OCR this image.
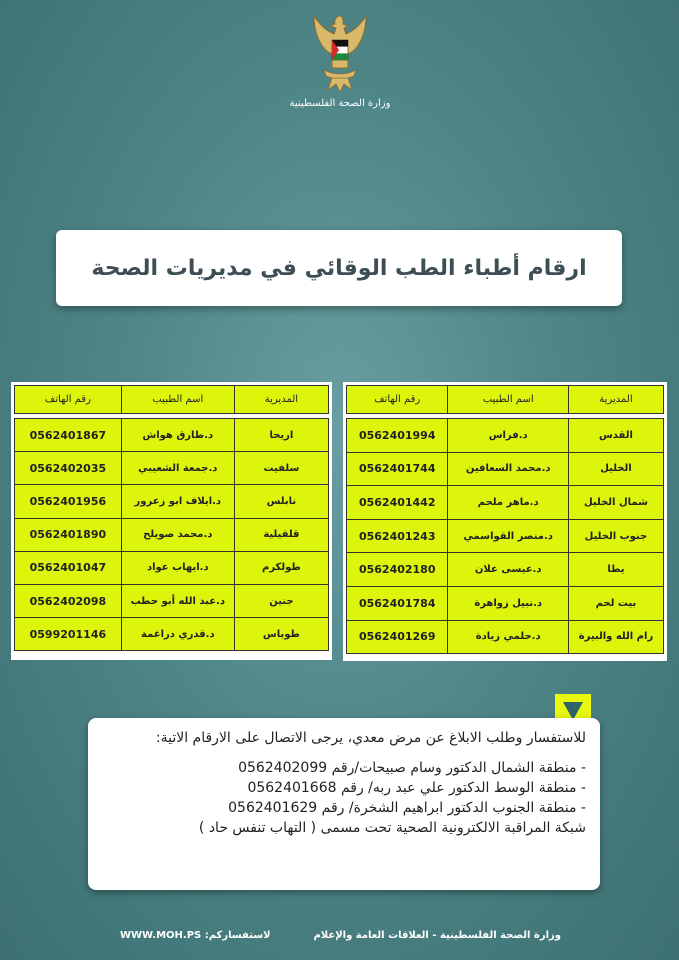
وزارة الصحة الفلسطينية
ارقام أطباء الطب الوقائي في مديريات الصحة
المديرية	اسم الطبيب	رقم الهاتف

القدس	د.فراس	0562401994
الخليل	د.محمد السعافين	0562401744
شمال الخليل	د.ماهر ملحم	0562401442
جنوب الخليل	د.منصر القواسمي	0562401243
يطا	د.عيسى علان	0562402180
بيت لحم	د.نبيل زواهرة	0562401784
رام الله والبيرة	د.حلمي زيادة	0562401269
المديرية	اسم الطبيب	رقم الهاتف

اريحا	د.طارق هواش	0562401867
سلفيت	د.جمعة الشعيبي	0562402035
نابلس	د.ايلاف ابو زعرور	0562401956
قلقيلية	د.محمد صويلح	0562401890
طولكرم	د.ايهاب عواد	0562401047
جنين	د.عبد الله أبو حطب	0562402098
طوباس	د.قدري دراغمة	0599201146

للاستفسار وطلب الابلاغ عن مرض معدي، يرجى الاتصال على الارقام الاتية:

- منطقة الشمال الدكتور وسام صبيحات/رقم 0562402099
- منطقة الوسط الدكتور علي عبد ربه/ رقم 0562401668
- منطقة الجنوب الدكتور ابراهيم الشخرة/ رقم 0562401629
شبكة المراقبة الالكترونية الصحية تحت مسمى ( التهاب تنفس حاد )
وزارة الصحة الفلسطينية - العلاقات العامة والإعلام
لاستفساركم: WWW.MOH.PS
